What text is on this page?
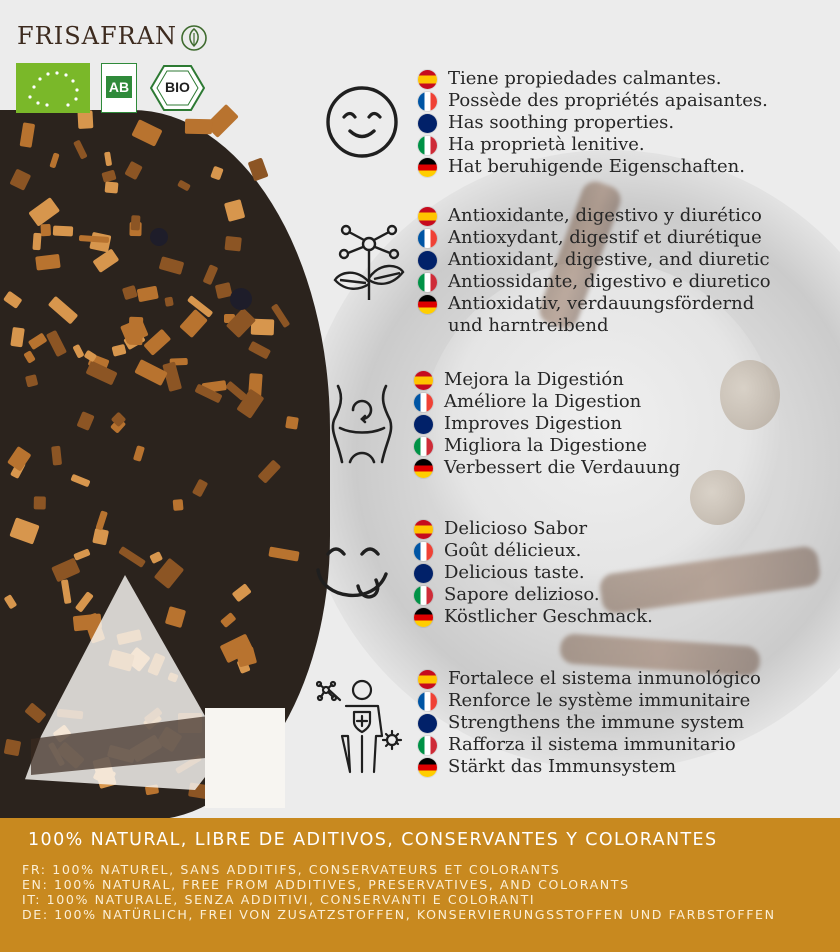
FRISAFRAN
AB	BIO	Tiene propiedades calmantes.
Possède des propriétés apaisantes.
Has soothing properties.
Ha proprietà lenitive.
Hat beruhigende Eigenschaften.
Antioxidante, digestivo y diurético
Antioxydant, digestif et diurétique
Antioxidant, digestive, and diuretic
Antiossidante, digestivo e diuretico
Antioxidativ, verdauungsfördernd und harntreibend
Mejora la Digestión
Améliore la Digestion
Improves Digestion
Migliora la Digestione
Verbessert die Verdauung
Delicioso Sabor
Goût délicieux.
Delicious taste.
Sapore delizioso.
Köstlicher Geschmack.
Fortalece el sistema inmunológico
Renforce le système immunitaire
Strengthens the immune system
Rafforza il sistema immunitario
Stärkt das Immunsystem
100% NATURAL, LIBRE DE ADITIVOS, CONSERVANTES Y COLORANTES
FR: 100% NATUREL, SANS ADDITIFS, CONSERVATEURS ET COLORANTS
EN: 100% NATURAL, FREE FROM ADDITIVES, PRESERVATIVES, AND COLORANTS
IT: 100% NATURALE, SENZA ADDITIVI, CONSERVANTI E COLORANTI
DE: 100% NATÜRLICH, FREI VON ZUSATZSTOFFEN, KONSERVIERUNGSSTOFFEN UND FARBSTOFFEN
